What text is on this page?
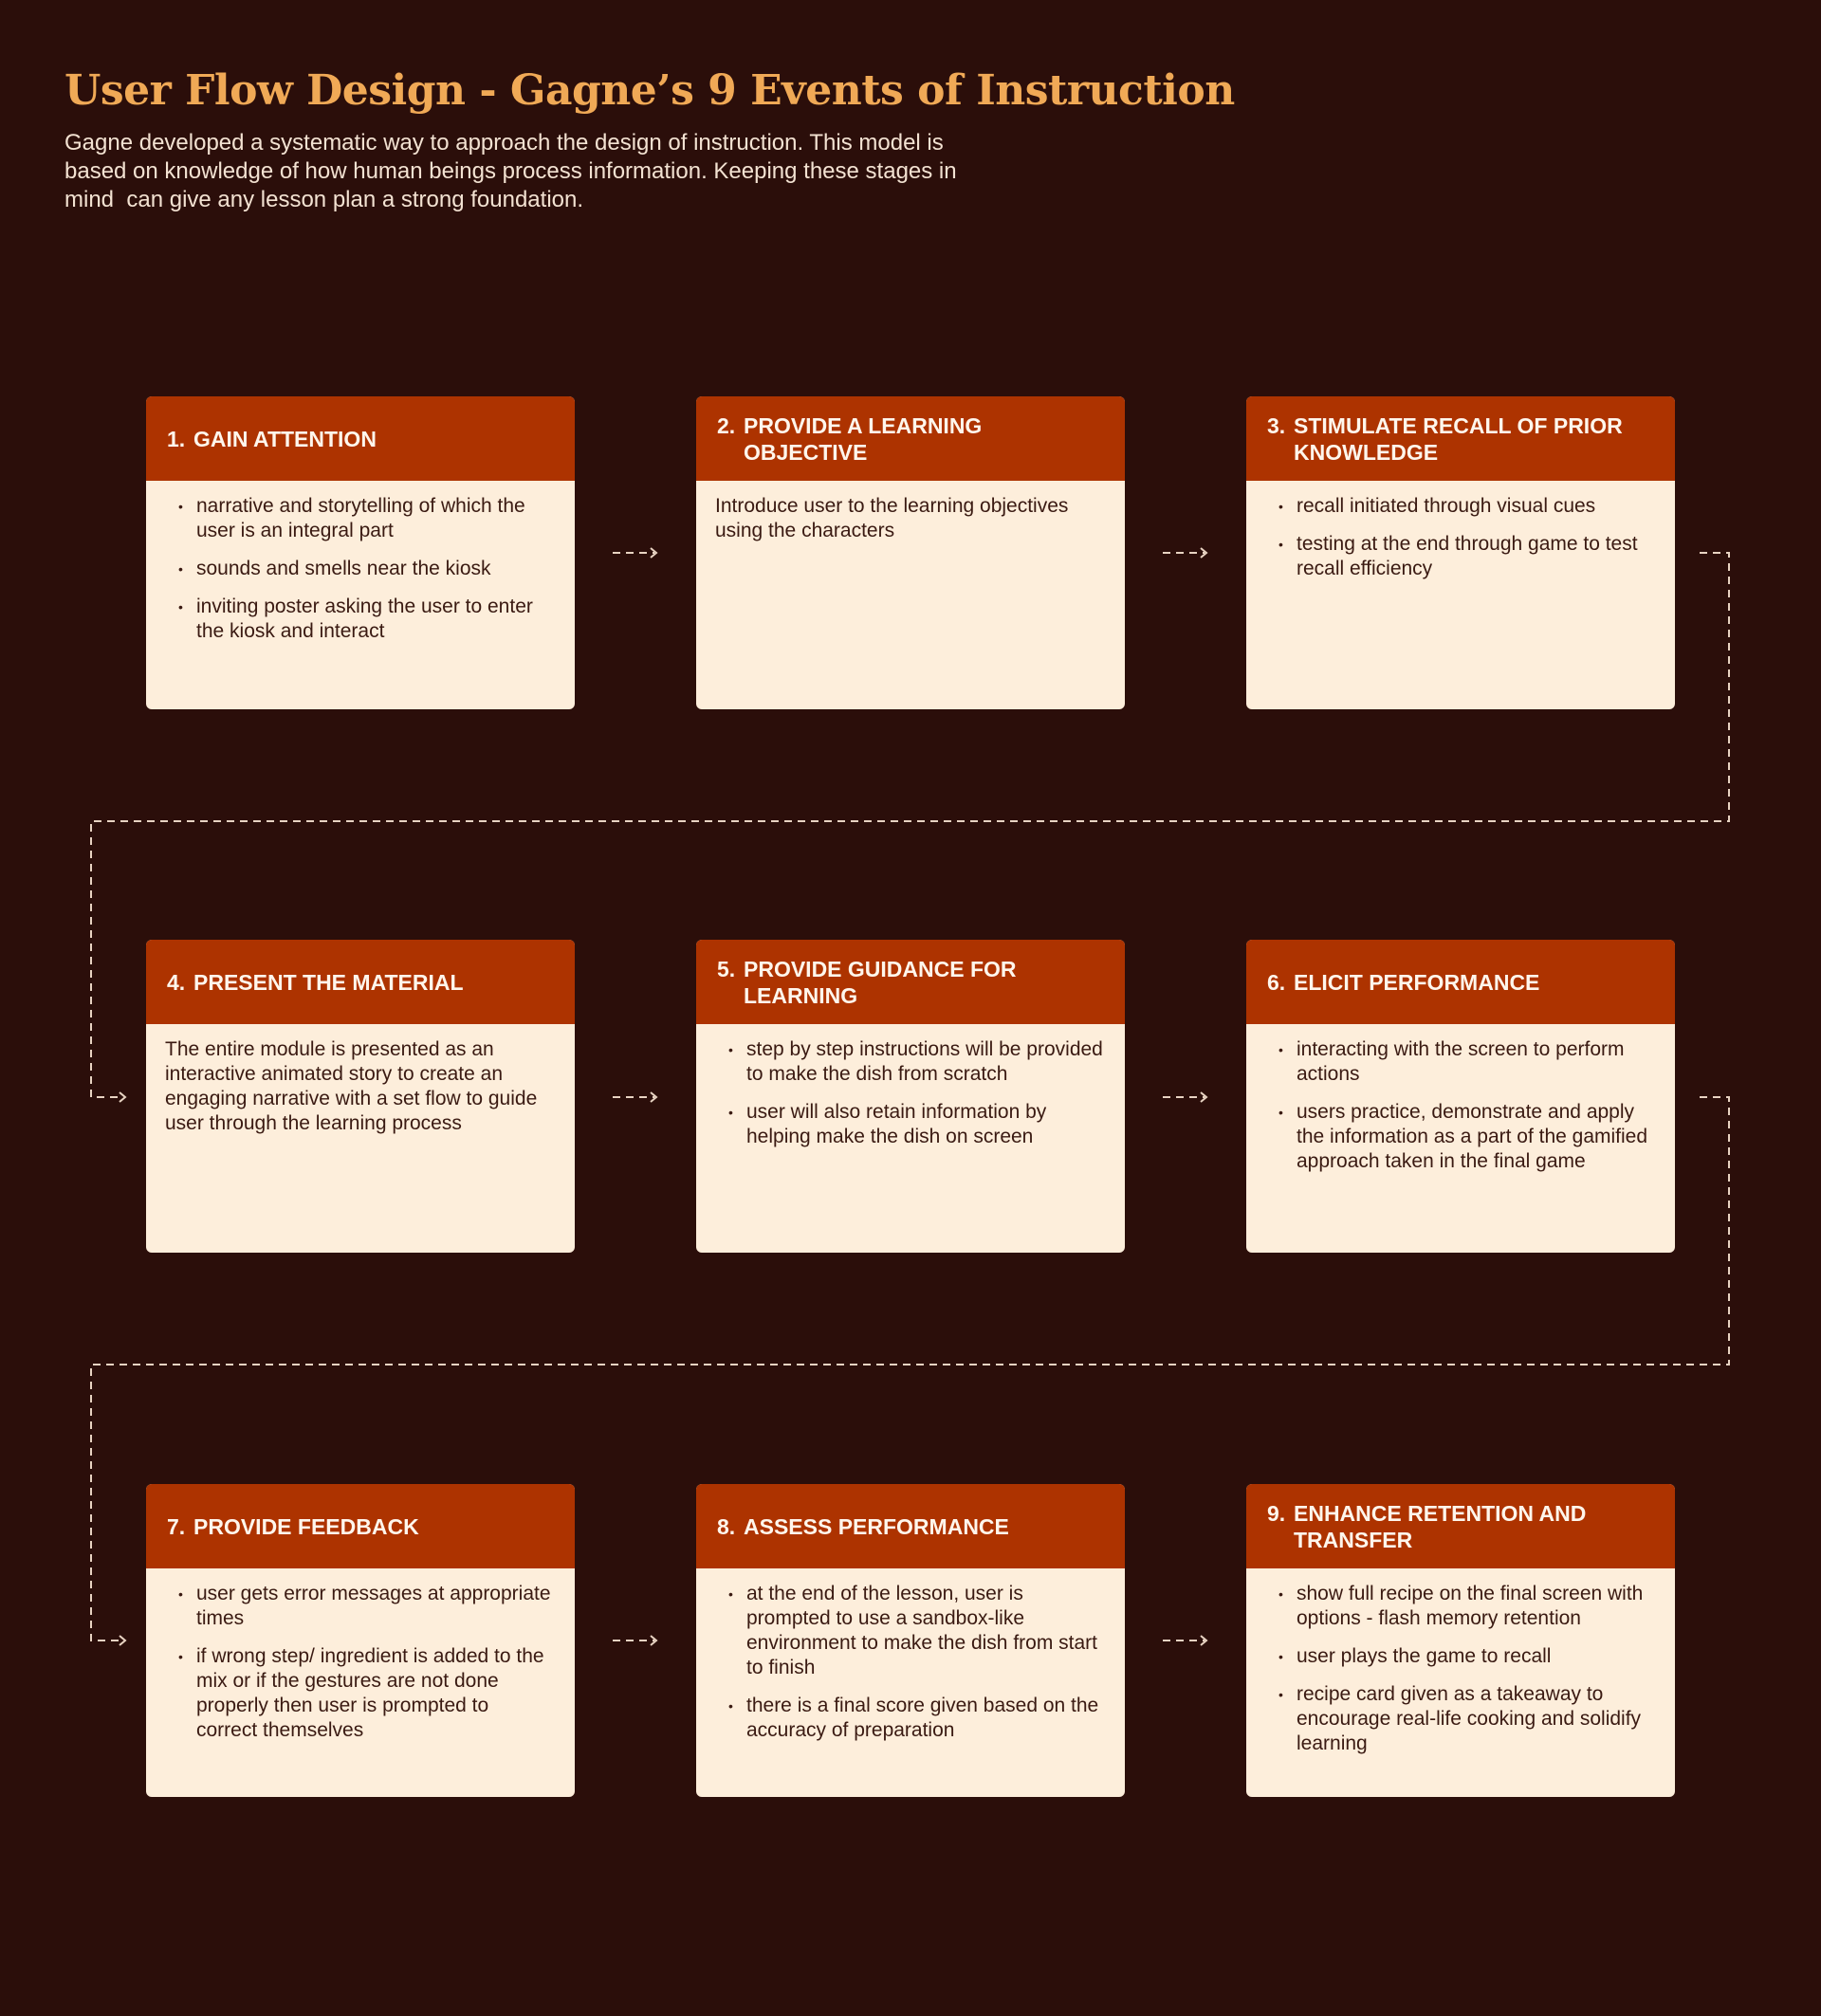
User Flow Design - Gagne’s 9 Events of Instruction

Gagne developed a systematic way to approach the design of instruction. This model is
based on knowledge of how human beings process information. Keeping these stages in
mind  can give any lesson plan a strong foundation.

1. GAIN ATTENTION
• narrative and storytelling of which the user is an integral part
• sounds and smells near the kiosk
• inviting poster asking the user to enter the kiosk and interact
2. PROVIDE A LEARNING OBJECTIVE

Introduce user to the learning objectives using the characters

3. STIMULATE RECALL OF PRIOR KNOWLEDGE
• recall initiated through visual cues
• testing at the end through game to test recall efficiency
4. PRESENT THE MATERIAL

The entire module is presented as an interactive animated story to create an engaging narrative with a set flow to guide user through the learning process

5. PROVIDE GUIDANCE FOR LEARNING
• step by step instructions will be provided to make the dish from scratch
• user will also retain information by helping make the dish on screen
6. ELICIT PERFORMANCE
• interacting with the screen to perform actions
• users practice, demonstrate and apply the information as a part of the gamified approach taken in the final game
7. PROVIDE FEEDBACK
• user gets error messages at appropriate times
• if wrong step/ ingredient is added to the mix or if the gestures are not done properly then user is prompted to correct themselves
8. ASSESS PERFORMANCE
• at the end of the lesson, user is prompted to use a sandbox-like environment to make the dish from start to finish
• there is a final score given based on the accuracy of preparation
9. ENHANCE RETENTION AND TRANSFER
• show full recipe on the final screen with options - flash memory retention
• user plays the game to recall
• recipe card given as a takeaway to encourage real-life cooking and solidify learning
